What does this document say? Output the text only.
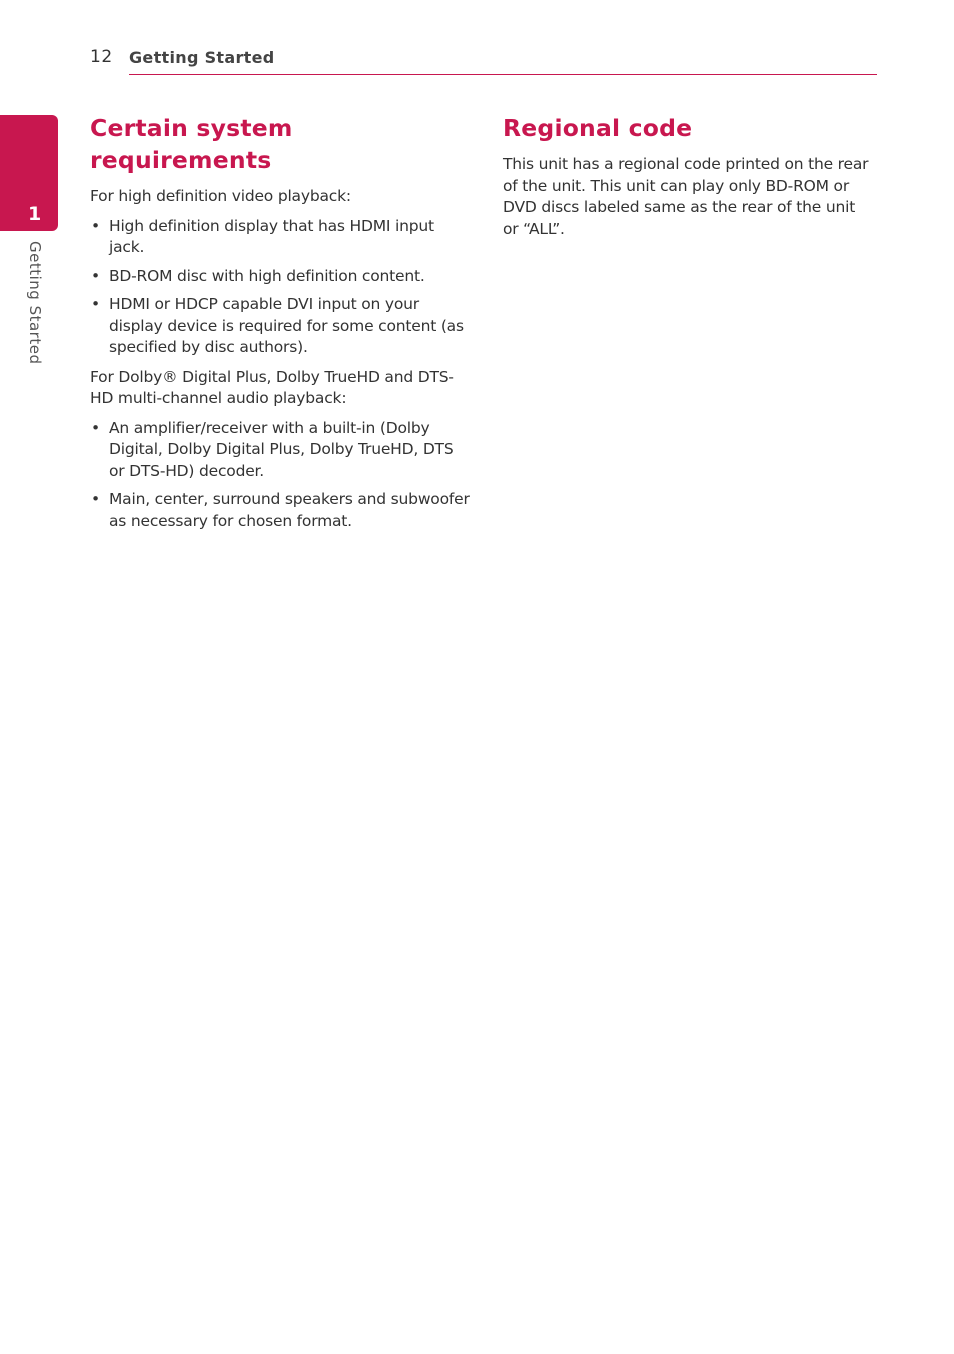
12 Getting Started
1
Getting Started
Certain system requirements

For high definition video playback:

• High definition display that has HDMI input jack.
• BD-ROM disc with high definition content.
• HDMI or HDCP capable DVI input on your display device is required for some content (as specified by disc authors).

For Dolby® Digital Plus, Dolby TrueHD and DTS-HD multi-channel audio playback:

• An amplifier/receiver with a built-in (Dolby Digital, Dolby Digital Plus, Dolby TrueHD, DTS or DTS-HD) decoder.
• Main, center, surround speakers and subwoofer as necessary for chosen format.
Regional code

This unit has a regional code printed on the rear of the unit. This unit can play only BD-ROM or DVD discs labeled same as the rear of the unit or “ALL”.
